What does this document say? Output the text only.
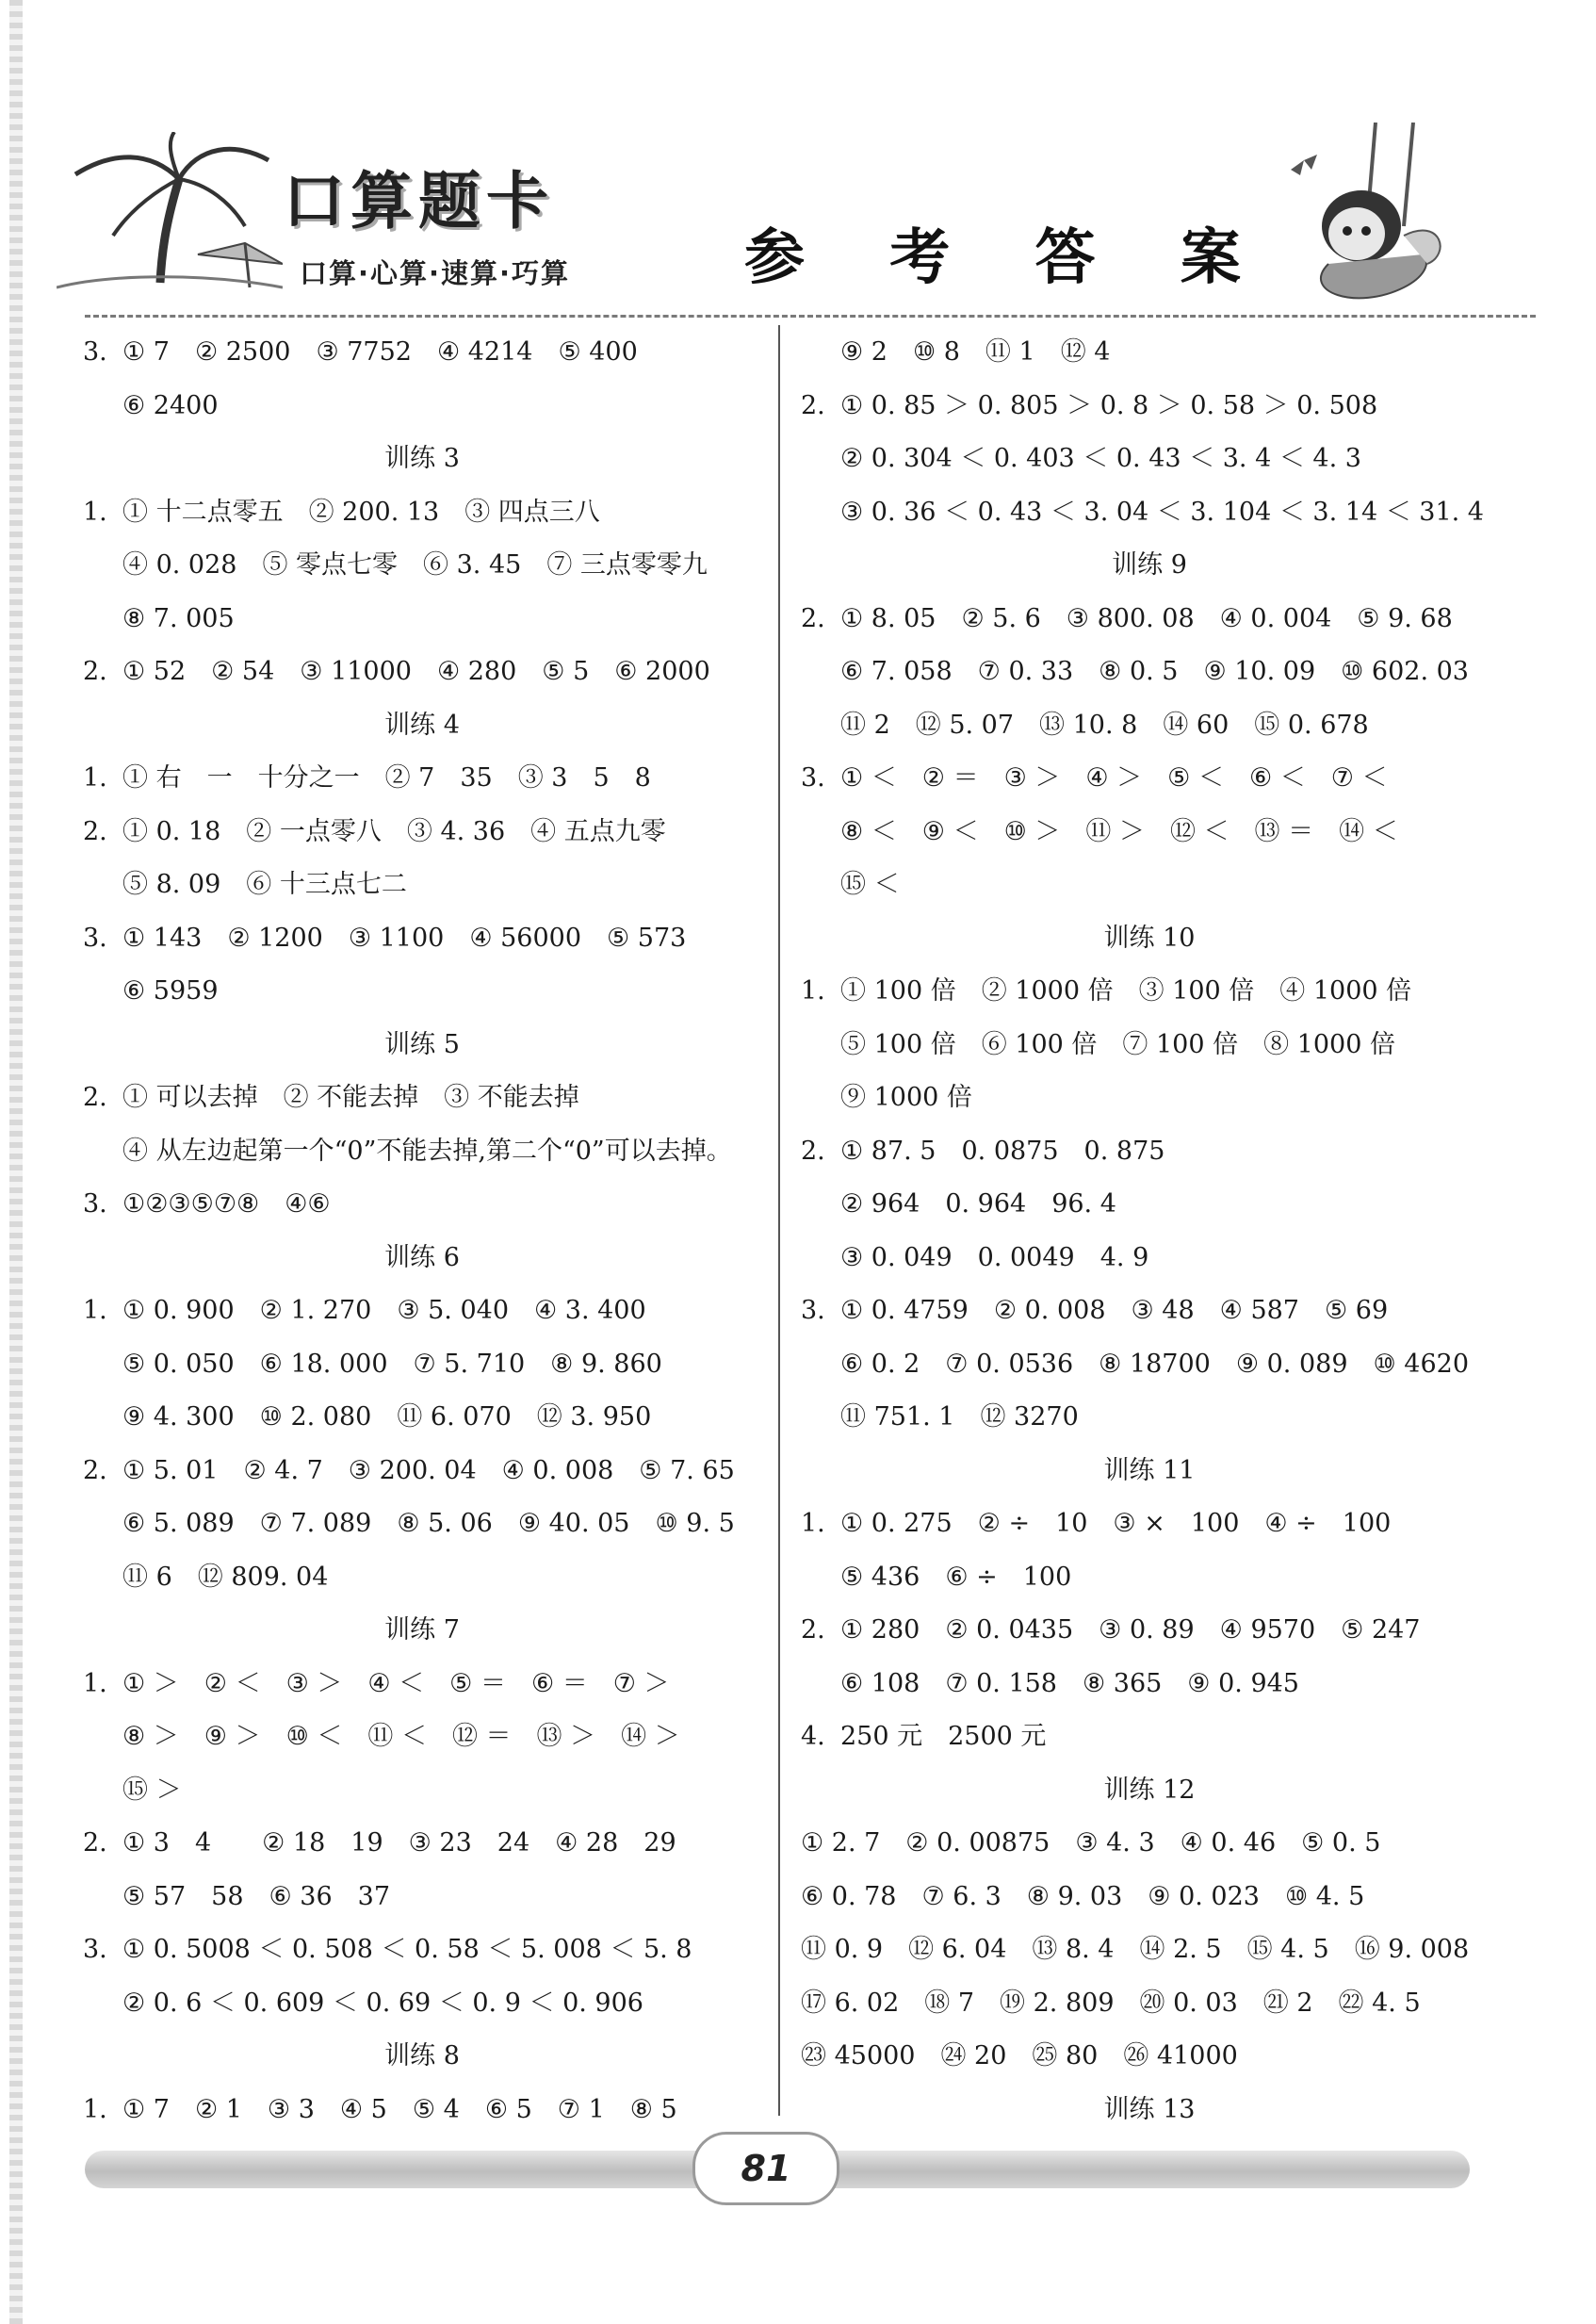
口算题卡
口算·心算·速算·巧算	参 考 答 案
3. ① 7　② 2500　③ 7752　④ 4214　⑤ 400
⑥ 2400
训练 3
1. ① 十二点零五　② 200. 13　③ 四点三八
④ 0. 028　⑤ 零点七零　⑥ 3. 45　⑦ 三点零零九
⑧ 7. 005
2. ① 52　② 54　③ 11000　④ 280　⑤ 5　⑥ 2000
训练 4
1. ① 右　一　十分之一　② 7　35　③ 3　5　8
2. ① 0. 18　② 一点零八　③ 4. 36　④ 五点九零
⑤ 8. 09　⑥ 十三点七二
3. ① 143　② 1200　③ 1100　④ 56000　⑤ 573
⑥ 5959
训练 5
2. ① 可以去掉　② 不能去掉　③ 不能去掉
④ 从左边起第一个“0”不能去掉,第二个“0”可以去掉。
3. ①②③⑤⑦⑧　④⑥
训练 6
1. ① 0. 900　② 1. 270　③ 5. 040　④ 3. 400
⑤ 0. 050　⑥ 18. 000　⑦ 5. 710　⑧ 9. 860
⑨ 4. 300　⑩ 2. 080　⑪ 6. 070　⑫ 3. 950
2. ① 5. 01　② 4. 7　③ 200. 04　④ 0. 008　⑤ 7. 65
⑥ 5. 089　⑦ 7. 089　⑧ 5. 06　⑨ 40. 05　⑩ 9. 5
⑪ 6　⑫ 809. 04
训练 7
1. ① ＞　② ＜　③ ＞　④ ＜　⑤ ＝　⑥ ＝　⑦ ＞
⑧ ＞　⑨ ＞　⑩ ＜　⑪ ＜　⑫ ＝　⑬ ＞　⑭ ＞
⑮ ＞
2. ① 3　4　　② 18　19　③ 23　24　④ 28　29
⑤ 57　58　⑥ 36　37
3. ① 0. 5008 ＜ 0. 508 ＜ 0. 58 ＜ 5. 008 ＜ 5. 8
② 0. 6 ＜ 0. 609 ＜ 0. 69 ＜ 0. 9 ＜ 0. 906
训练 8
1. ① 7　② 1　③ 3　④ 5　⑤ 4　⑥ 5　⑦ 1　⑧ 5
⑨ 2　⑩ 8　⑪ 1　⑫ 4
2. ① 0. 85 ＞ 0. 805 ＞ 0. 8 ＞ 0. 58 ＞ 0. 508
② 0. 304 ＜ 0. 403 ＜ 0. 43 ＜ 3. 4 ＜ 4. 3
③ 0. 36 ＜ 0. 43 ＜ 3. 04 ＜ 3. 104 ＜ 3. 14 ＜ 31. 4
训练 9
2. ① 8. 05　② 5. 6　③ 800. 08　④ 0. 004　⑤ 9. 68
⑥ 7. 058　⑦ 0. 33　⑧ 0. 5　⑨ 10. 09　⑩ 602. 03
⑪ 2　⑫ 5. 07　⑬ 10. 8　⑭ 60　⑮ 0. 678
3. ① ＜　② ＝　③ ＞　④ ＞　⑤ ＜　⑥ ＜　⑦ ＜
⑧ ＜　⑨ ＜　⑩ ＞　⑪ ＞　⑫ ＜　⑬ ＝　⑭ ＜
⑮ ＜
训练 10
1. ① 100 倍　② 1000 倍　③ 100 倍　④ 1000 倍
⑤ 100 倍　⑥ 100 倍　⑦ 100 倍　⑧ 1000 倍
⑨ 1000 倍
2. ① 87. 5　0. 0875　0. 875
② 964　0. 964　96. 4
③ 0. 049　0. 0049　4. 9
3. ① 0. 4759　② 0. 008　③ 48　④ 587　⑤ 69
⑥ 0. 2　⑦ 0. 0536　⑧ 18700　⑨ 0. 089　⑩ 4620
⑪ 751. 1　⑫ 3270
训练 11
1. ① 0. 275　② ÷　10　③ ×　100　④ ÷　100
⑤ 436　⑥ ÷　100
2. ① 280　② 0. 0435　③ 0. 89　④ 9570　⑤ 247
⑥ 108　⑦ 0. 158　⑧ 365　⑨ 0. 945
4. 250 元　2500 元
训练 12
① 2. 7　② 0. 00875　③ 4. 3　④ 0. 46　⑤ 0. 5
⑥ 0. 78　⑦ 6. 3　⑧ 9. 03　⑨ 0. 023　⑩ 4. 5
⑪ 0. 9　⑫ 6. 04　⑬ 8. 4　⑭ 2. 5　⑮ 4. 5　⑯ 9. 008
⑰ 6. 02　⑱ 7　⑲ 2. 809　⑳ 0. 03　㉑ 2　㉒ 4. 5
㉓ 45000　㉔ 20　㉕ 80　㉖ 41000
训练 13
81
